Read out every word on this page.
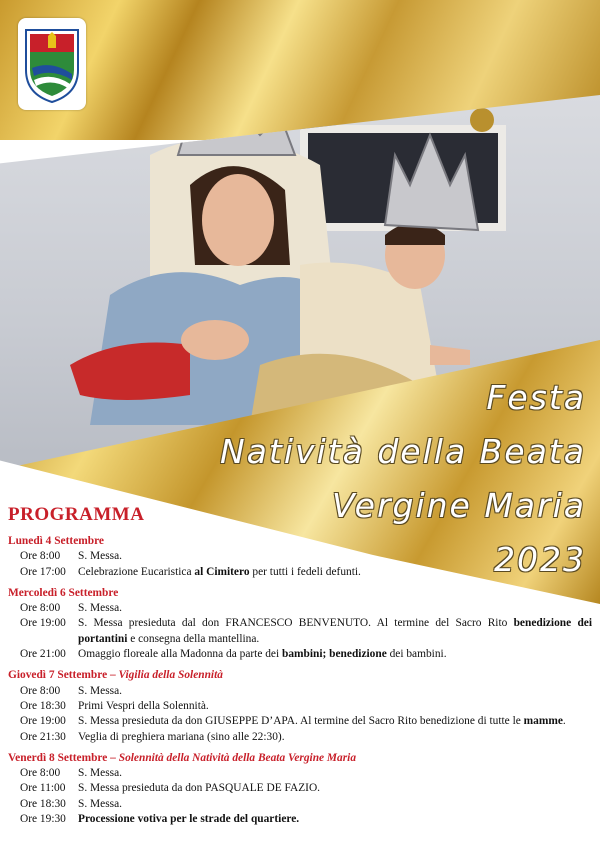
Festa
Natività della Beata
Vergine Maria
2023
PROGRAMMA
Lunedì 4 Settembre
Ore 8:00	S. Messa.
Ore 17:00	Celebrazione Eucaristica al Cimitero per tutti i fedeli defunti.
Mercoledì 6 Settembre
Ore 8:00	S. Messa.
Ore 19:00	S. Messa presieduta dal don FRANCESCO BENVENUTO. Al termine del Sacro Rito benedizione dei portantini e consegna della mantellina.
Ore 21:00	Omaggio floreale alla Madonna da parte dei bambini; benedizione dei bambini.
Giovedì 7 Settembre – Vigilia della Solennità
Ore 8:00	S. Messa.
Ore 18:30	Primi Vespri della Solennità.
Ore 19:00	S. Messa presieduta da don GIUSEPPE D’APA. Al termine del Sacro Rito benedizione di tutte le mamme.
Ore 21:30	Veglia di preghiera mariana (sino alle 22:30).
Venerdì 8 Settembre – Solennità della Natività della Beata Vergine Maria
Ore 8:00	S. Messa.
Ore 11:00	S. Messa presieduta da don PASQUALE DE FAZIO.
Ore 18:30	S. Messa.
Ore 19:30	Processione votiva per le strade del quartiere.
